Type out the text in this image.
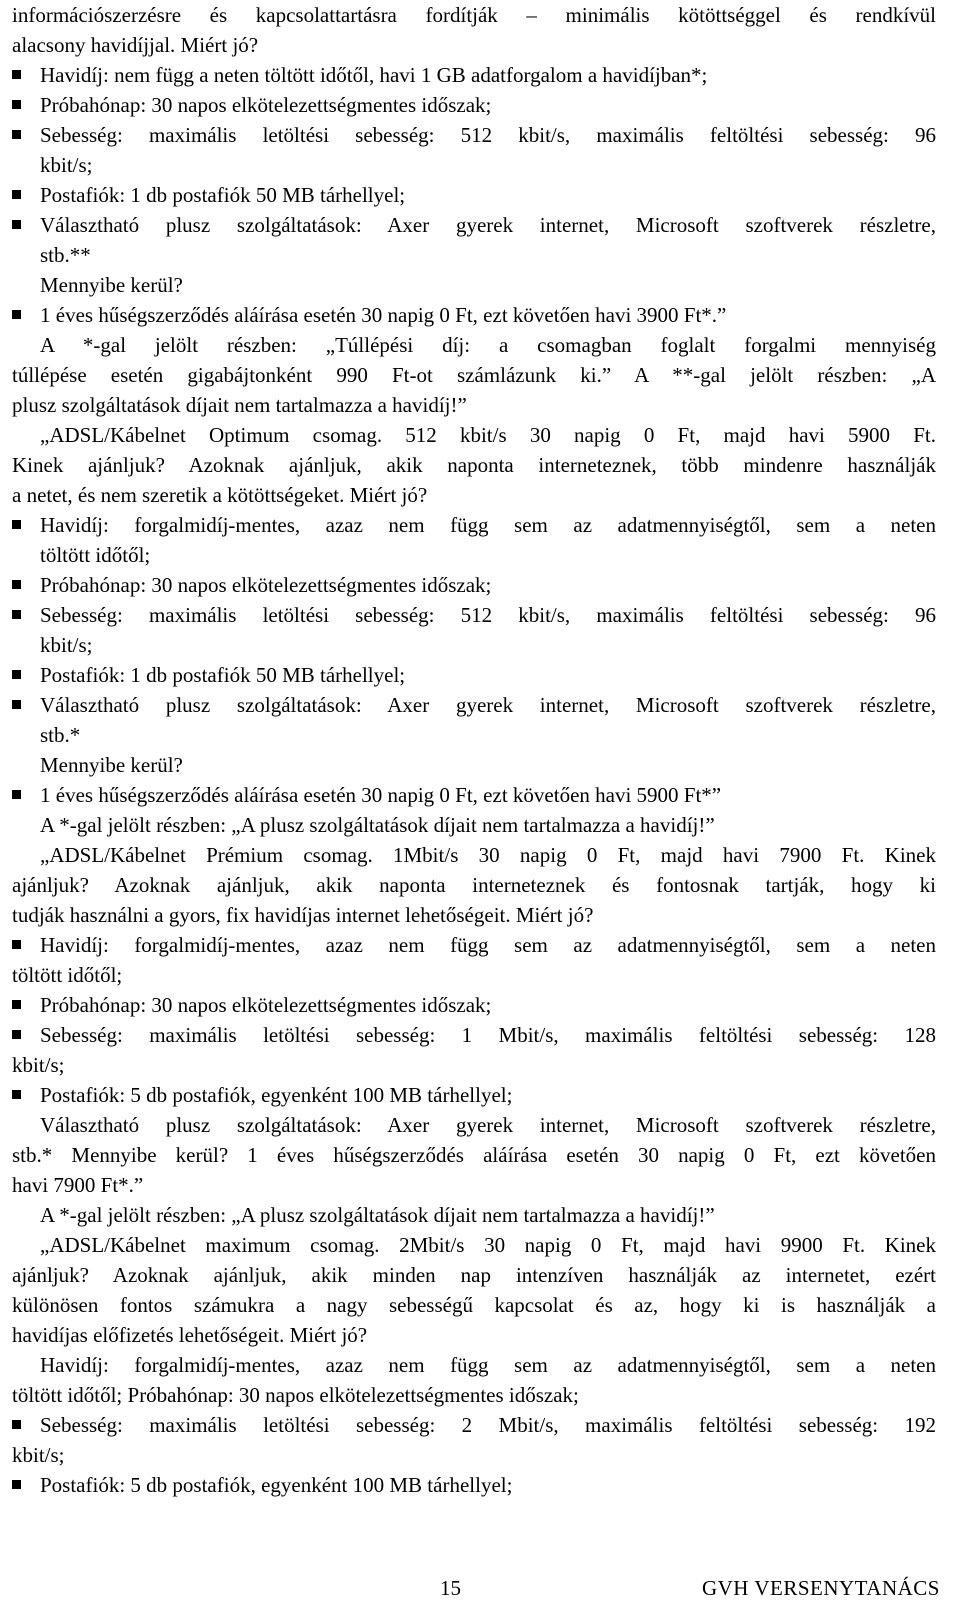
információszerzésre és kapcsolattartásra fordítják – minimális kötöttséggel és rendkívül
alacsony havidíjjal. Miért jó?
Havidíj: nem függ a neten töltött időtől, havi 1 GB adatforgalom a havidíjban*;
Próbahónap: 30 napos elkötelezettségmentes időszak;
Sebesség: maximális letöltési sebesség: 512 kbit/s, maximális feltöltési sebesség: 96
kbit/s;
Postafiók: 1 db postafiók 50 MB tárhellyel;
Választható plusz szolgáltatások: Axer gyerek internet, Microsoft szoftverek részletre,
stb.**
Mennyibe kerül?
1 éves hűségszerződés aláírása esetén 30 napig 0 Ft, ezt követően havi 3900 Ft*.”
A *-gal jelölt részben: „Túllépési díj: a csomagban foglalt forgalmi mennyiség
túllépése esetén gigabájtonként 990 Ft-ot számlázunk ki.” A **-gal jelölt részben: „A
plusz szolgáltatások díjait nem tartalmazza a havidíj!”
„ADSL/Kábelnet Optimum csomag. 512 kbit/s 30 napig 0 Ft, majd havi 5900 Ft.
Kinek ajánljuk? Azoknak ajánljuk, akik naponta interneteznek, több mindenre használják
a netet, és nem szeretik a kötöttségeket. Miért jó?
Havidíj: forgalmidíj-mentes, azaz nem függ sem az adatmennyiségtől, sem a neten
töltött időtől;
Próbahónap: 30 napos elkötelezettségmentes időszak;
Sebesség: maximális letöltési sebesség: 512 kbit/s, maximális feltöltési sebesség: 96
kbit/s;
Postafiók: 1 db postafiók 50 MB tárhellyel;
Választható plusz szolgáltatások: Axer gyerek internet, Microsoft szoftverek részletre,
stb.*
Mennyibe kerül?
1 éves hűségszerződés aláírása esetén 30 napig 0 Ft, ezt követően havi 5900 Ft*”
A *-gal jelölt részben: „A plusz szolgáltatások díjait nem tartalmazza a havidíj!”
„ADSL/Kábelnet Prémium csomag. 1Mbit/s 30 napig 0 Ft, majd havi 7900 Ft. Kinek
ajánljuk? Azoknak ajánljuk, akik naponta interneteznek és fontosnak tartják, hogy ki
tudják használni a gyors, fix havidíjas internet lehetőségeit. Miért jó?
Havidíj: forgalmidíj-mentes, azaz nem függ sem az adatmennyiségtől, sem a neten
töltött időtől;
Próbahónap: 30 napos elkötelezettségmentes időszak;
Sebesség: maximális letöltési sebesség: 1 Mbit/s, maximális feltöltési sebesség: 128
kbit/s;
Postafiók: 5 db postafiók, egyenként 100 MB tárhellyel;
Választható plusz szolgáltatások: Axer gyerek internet, Microsoft szoftverek részletre,
stb.* Mennyibe kerül? 1 éves hűségszerződés aláírása esetén 30 napig 0 Ft, ezt követően
havi 7900 Ft*.”
A *-gal jelölt részben: „A plusz szolgáltatások díjait nem tartalmazza a havidíj!”
„ADSL/Kábelnet maximum csomag. 2Mbit/s 30 napig 0 Ft, majd havi 9900 Ft. Kinek
ajánljuk? Azoknak ajánljuk, akik minden nap intenzíven használják az internetet, ezért
különösen fontos számukra a nagy sebességű kapcsolat és az, hogy ki is használják a
havidíjas előfizetés lehetőségeit. Miért jó?
Havidíj: forgalmidíj-mentes, azaz nem függ sem az adatmennyiségtől, sem a neten
töltött időtől; Próbahónap: 30 napos elkötelezettségmentes időszak;
Sebesség: maximális letöltési sebesség: 2 Mbit/s, maximális feltöltési sebesség: 192
kbit/s;
Postafiók: 5 db postafiók, egyenként 100 MB tárhellyel;
15	GVH VERSENYTANÁCS
